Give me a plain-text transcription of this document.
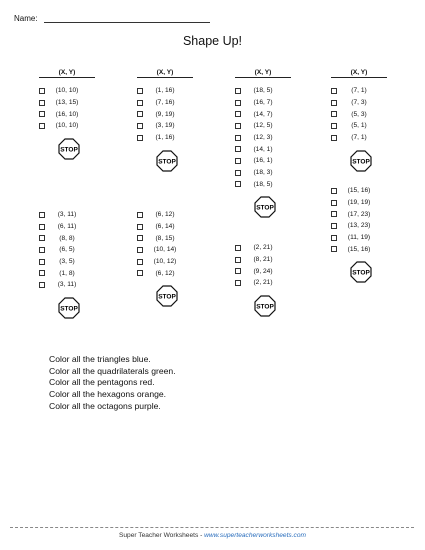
Name:
Shape Up!
(X, Y)
(10, 10)
(13, 15)
(16, 10)
(10, 10)
STOP
(3, 11)
(6, 11)
(8, 8)
(6, 5)
(3, 5)
(1, 8)
(3, 11)
STOP
(X, Y)
(1, 16)
(7, 16)
(9, 19)
(3, 19)
(1, 16)
STOP
(6, 12)
(6, 14)
(8, 15)
(10, 14)
(10, 12)
(6, 12)
STOP
(X, Y)
(18, 5)
(16, 7)
(14, 7)
(12, 5)
(12, 3)
(14, 1)
(16, 1)
(18, 3)
(18, 5)
STOP
(2, 21)
(8, 21)
(9, 24)
(2, 21)
STOP
(X, Y)
(7, 1)
(7, 3)
(5, 3)
(5, 1)
(7, 1)
STOP
(15, 16)
(19, 19)
(17, 23)
(13, 23)
(11, 19)
(15, 16)
STOP
Color all the triangles blue.
Color all the quadrilaterals green.
Color all the pentagons red.
Color all the hexagons orange.
Color all the octagons purple.
Super Teacher Worksheets - www.superteacherworksheets.com
